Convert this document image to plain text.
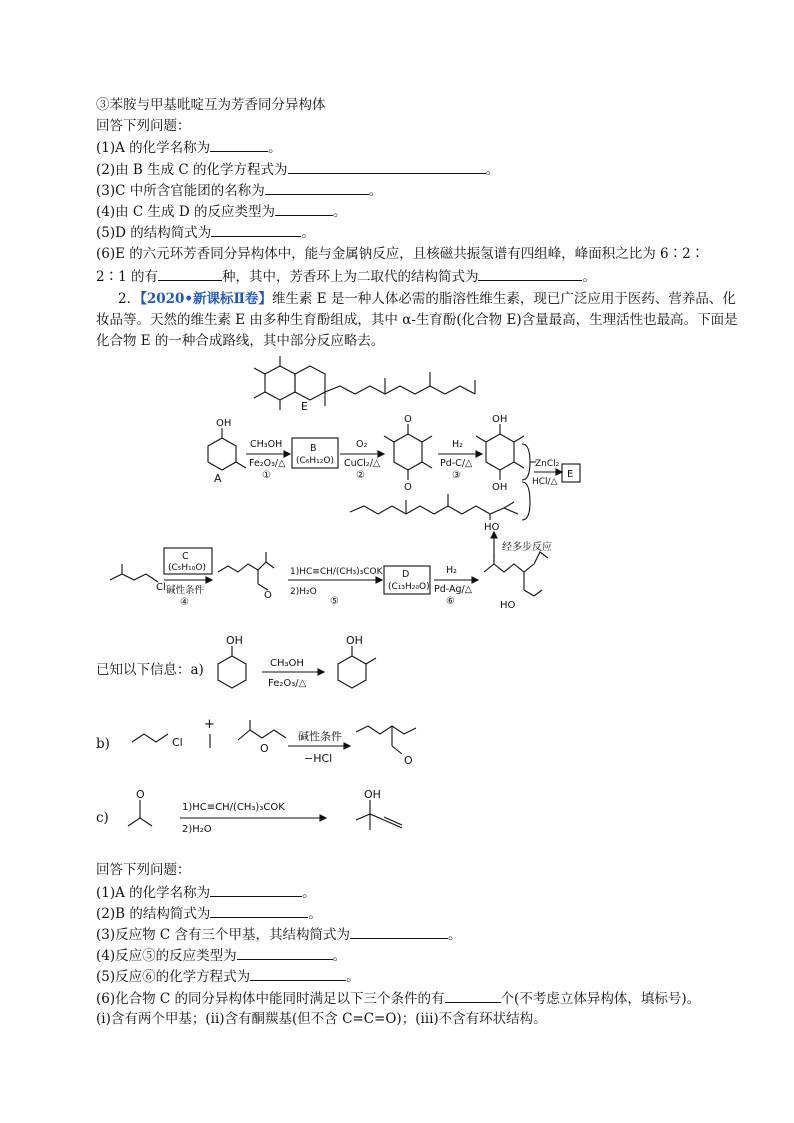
③苯胺与甲基吡啶互为芳香同分异构体
回答下列问题：
(1)A 的化学名称为	。
(2)由 B 生成 C 的化学方程式为	。
(3)C 中所含官能团的名称为	。
(4)由 C 生成 D 的反应类型为	。
(5)D 的结构简式为	。
(6)E 的六元环芳香同分异构体中，能与金属钠反应，且核磁共振氢谱有四组峰，峰面积之比为 6∶2∶
2∶1 的有	种，其中，芳香环上为二取代的结构简式为	。
2．【2020•新课标Ⅱ卷】维生素 E 是一种人体必需的脂溶性维生素，现已广泛应用于医药、营养品、化
妆品等。天然的维生素 E 由多种生育酚组成，其中 α-生育酚(化合物 E)含量最高，生理活性也最高。下面是
化合物 E 的一种合成路线，其中部分反应略去。
E
A
OH
CH₃OH
Fe₂O₃/△
①
B
(C₆H₁₂O)
O₂
CuCl₂/△
②
O
O
H₂
Pd-C/△
③
OH
OH
ZnCl₂
HCl/△
E
HO
经多步反应
Cl
C
(C₅H₁₀O)
碱性条件
④
O
1)HC≡CH/(CH₃)₃COK
2)H₂O
⑤
D
(C₁₃H₂₀O)
H₂
Pd-Ag/△
⑥	HO
已知以下信息：a)
OH	OH
CH₃OH
Fe₂O₃/△
b)	Cl
+
O
碱性条件
−HCl	O
c)
O
1)HC≡CH/(CH₃)₃COK
2)H₂O
OH
回答下列问题：
(1)A 的化学名称为	。
(2)B 的结构简式为	。
(3)反应物 C 含有三个甲基，其结构简式为	。
(4)反应⑤的反应类型为	。
(5)反应⑥的化学方程式为	。
(6)化合物 C 的同分异构体中能同时满足以下三个条件的有	个(不考虑立体异构体，填标号)。
(ⅰ)含有两个甲基；(ⅱ)含有酮羰基(但不含 C=C=O)；(ⅲ)不含有环状结构。
